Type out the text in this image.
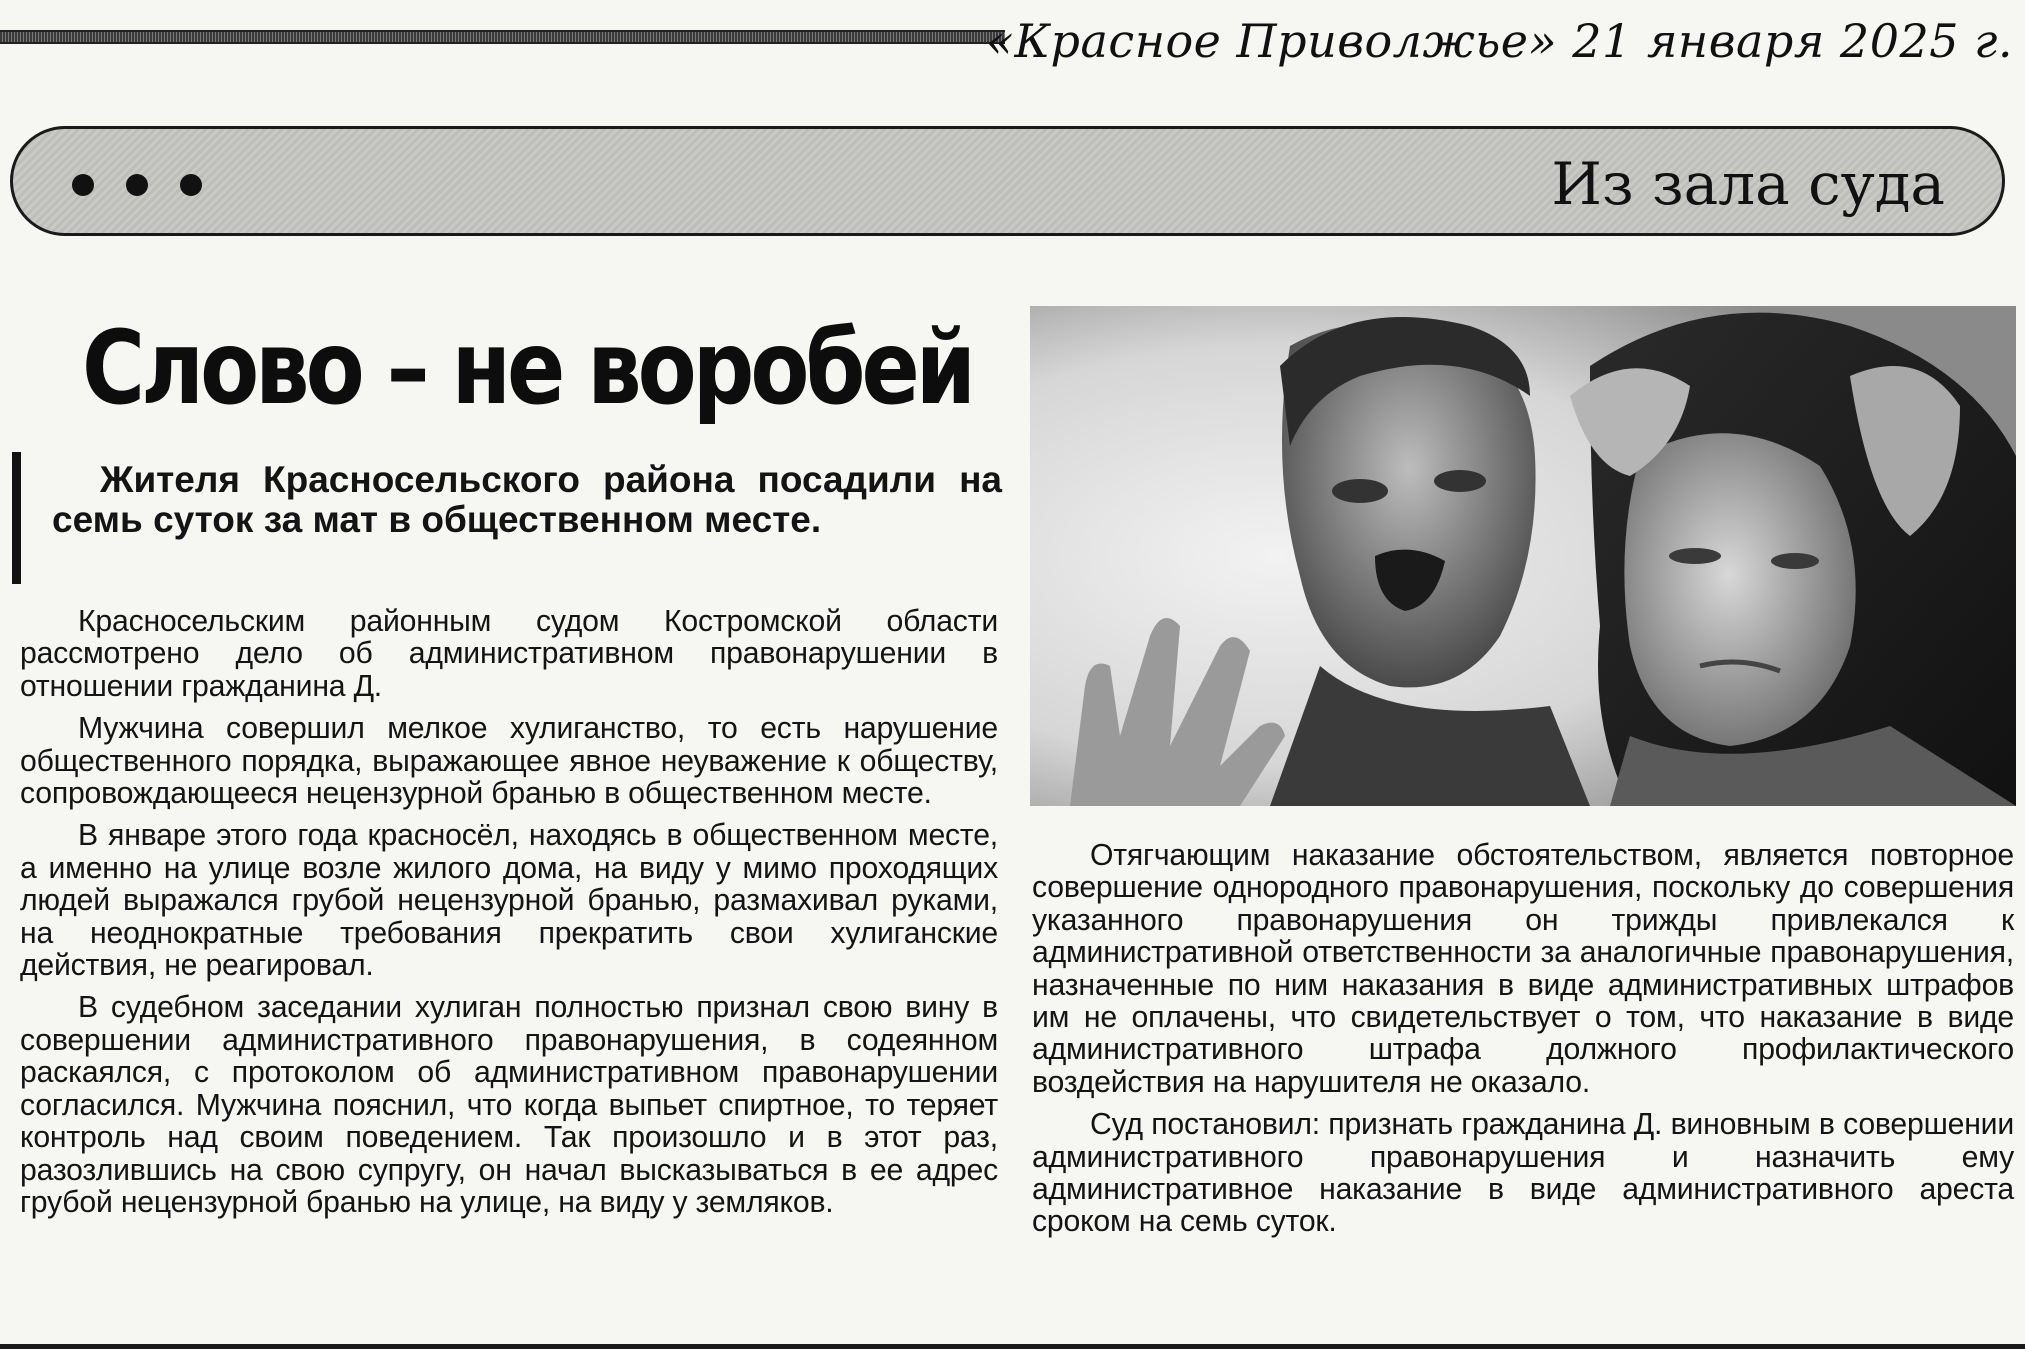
«Красное Приволжье» 21 января 2025 г.
Из зала суда
Слово – не воробей
Жителя Красносельского района посадили на семь суток за мат в общественном месте.

Красносельским районным судом Костромской области рассмотрено дело об административном правонарушении в отношении гражданина Д.

Мужчина совершил мелкое хулиганство, то есть нарушение общественного порядка, выражающее явное неуважение к обществу, сопровождающееся нецензурной бранью в общественном месте.

В январе этого года красносёл, находясь в общественном месте, а именно на улице возле жилого дома, на виду у мимо проходящих людей выражался грубой нецензурной бранью, размахивал руками, на неоднократные требования прекратить свои хулиганские действия, не реагировал.

В судебном заседании хулиган полностью признал свою вину в совершении административного правонарушения, в содеянном раскаялся, с протоколом об административном правонарушении согласился. Мужчина пояснил, что когда выпьет спиртное, то теряет контроль над своим поведением. Так произошло и в этот раз, разозлившись на свою супругу, он начал высказываться в ее адрес грубой нецензурной бранью на улице, на виду у земляков.

Отягчающим наказание обстоятельством, является повторное совершение однородного правонарушения, поскольку до совершения указанного правонарушения он трижды привлекался к административной ответственности за аналогичные правонарушения, назначенные по ним наказания в виде административных штрафов им не оплачены, что свидетельствует о том, что наказание в виде административного штрафа должного профилактического воздействия на нарушителя не оказало.

Суд постановил: признать гражданина Д. виновным в совершении административного правонарушения и назначить ему административное наказание в виде административного ареста сроком на семь суток.
